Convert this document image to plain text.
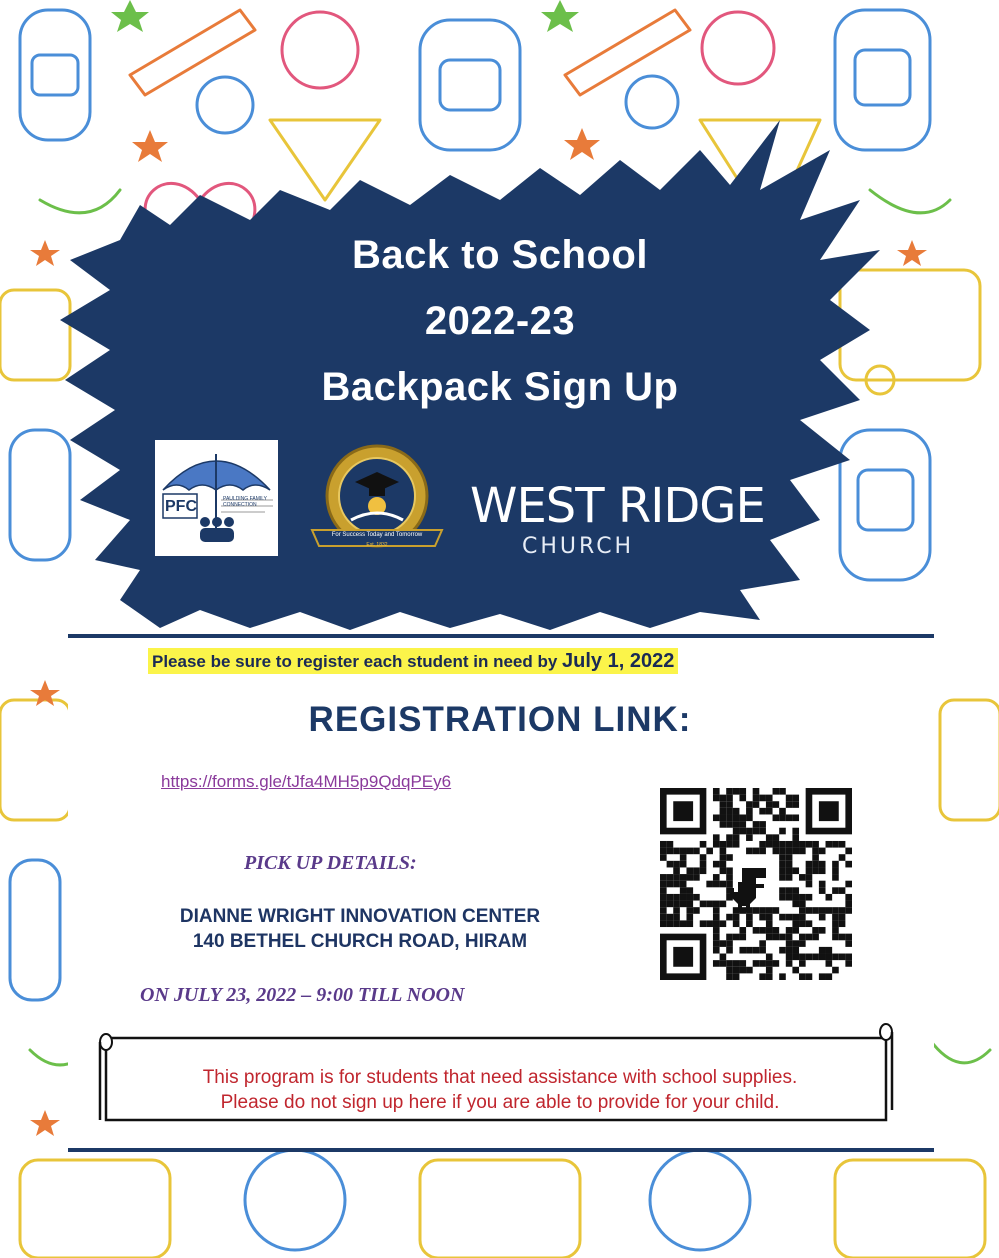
Back to School
2022-23
Backpack Sign Up
PFC	PAULDING FAMILY CONNECTION
For Success Today and Tomorrow
Est. 1832
WEST RIDGE
CHURCH
Please be sure to register each student in need by July 1, 2022
REGISTRATION LINK:
https://forms.gle/tJfa4MH5p9QdqPEy6
PICK UP DETAILS:
DIANNE WRIGHT INNOVATION CENTER
140 BETHEL CHURCH ROAD, HIRAM
ON JULY 23, 2022 – 9:00 TILL NOON
This program is for students that need assistance with school supplies.
Please do not sign up here if you are able to provide for your child.
